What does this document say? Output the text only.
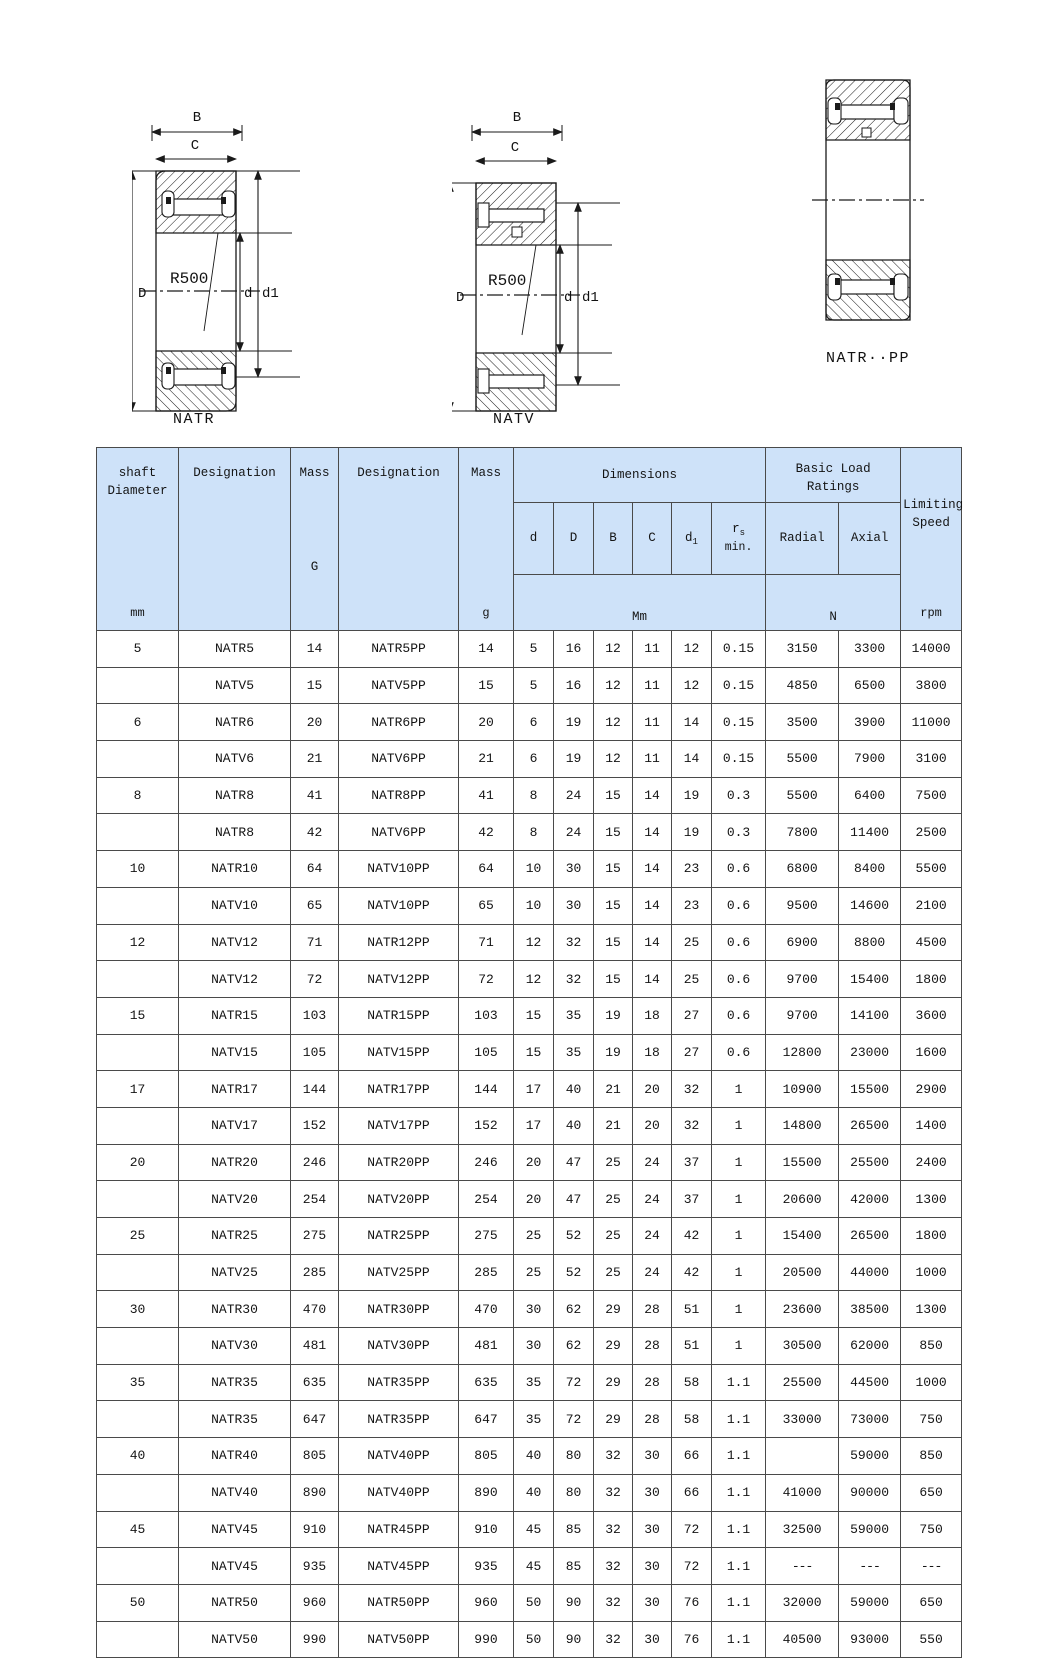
B
C
R500
D	d d1
NATR
B
C
R500
D	d d1
NATV
NATR··PP
shaft
Diameter
mm

Designation	Mass
G

Designation	Mass
g
	Dimensions	Basic Load Ratings	
Limiting
Speed
rpm

					d	D	B	C	$d_1$	$r_s$
min.	Radial	Axial	
					Mm						N		
5	NATR5	14	NATR5PP	14	5	16	12	11	12	0.15	3150	3300	14000
	NATV5	15	NATV5PP	15	5	16	12	11	12	0.15	4850	6500	3800
6	NATR6	20	NATR6PP	20	6	19	12	11	14	0.15	3500	3900	11000
	NATV6	21	NATV6PP	21	6	19	12	11	14	0.15	5500	7900	3100
8	NATR8	41	NATR8PP	41	8	24	15	14	19	0.3	5500	6400	7500
	NATR8	42	NATV6PP	42	8	24	15	14	19	0.3	7800	11400	2500
10	NATR10	64	NATV10PP	64	10	30	15	14	23	0.6	6800	8400	5500
	NATV10	65	NATV10PP	65	10	30	15	14	23	0.6	9500	14600	2100
12	NATV12	71	NATR12PP	71	12	32	15	14	25	0.6	6900	8800	4500
	NATV12	72	NATV12PP	72	12	32	15	14	25	0.6	9700	15400	1800
15	NATR15	103	NATR15PP	103	15	35	19	18	27	0.6	9700	14100	3600
	NATV15	105	NATV15PP	105	15	35	19	18	27	0.6	12800	23000	1600
17	NATR17	144	NATR17PP	144	17	40	21	20	32	1	10900	15500	2900
	NATV17	152	NATV17PP	152	17	40	21	20	32	1	14800	26500	1400
20	NATR20	246	NATR20PP	246	20	47	25	24	37	1	15500	25500	2400
	NATV20	254	NATV20PP	254	20	47	25	24	37	1	20600	42000	1300
25	NATR25	275	NATR25PP	275	25	52	25	24	42	1	15400	26500	1800
	NATV25	285	NATV25PP	285	25	52	25	24	42	1	20500	44000	1000
30	NATR30	470	NATR30PP	470	30	62	29	28	51	1	23600	38500	1300
	NATV30	481	NATV30PP	481	30	62	29	28	51	1	30500	62000	850
35	NATR35	635	NATR35PP	635	35	72	29	28	58	1.1	25500	44500	1000
	NATR35	647	NATR35PP	647	35	72	29	28	58	1.1	33000	73000	750
40	NATR40	805	NATV40PP	805	40	80	32	30	66	1.1		59000	850
	NATV40	890	NATV40PP	890	40	80	32	30	66	1.1	41000	90000	650
45	NATV45	910	NATR45PP	910	45	85	32	30	72	1.1	32500	59000	750
	NATV45	935	NATV45PP	935	45	85	32	30	72	1.1	---	---	---
50	NATR50	960	NATR50PP	960	50	90	32	30	76	1.1	32000	59000	650
	NATV50	990	NATV50PP	990	50	90	32	30	76	1.1	40500	93000	550
